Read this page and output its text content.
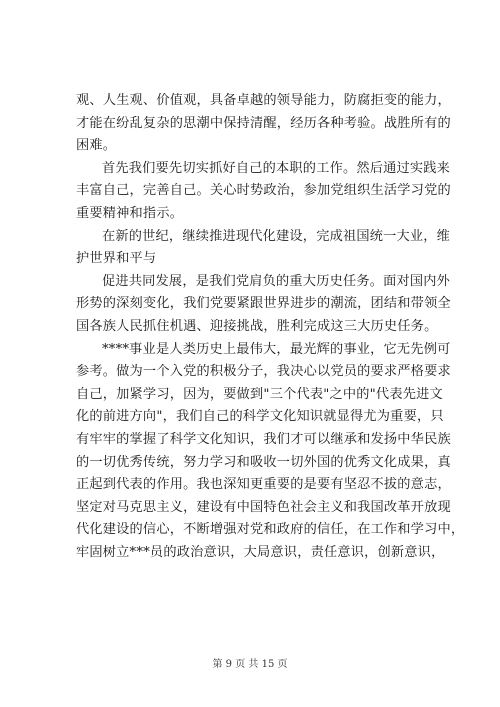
观、人生观、价值观，具备卓越的领导能力，防腐拒变的能力，
才能在纷乱复杂的思潮中保持清醒，经历各种考验。战胜所有的
困难。
首先我们要先切实抓好自己的本职的工作。然后通过实践来
丰富自己，完善自己。关心时势政治，参加党组织生活学习党的
重要精神和指示。
在新的世纪，继续推进现代化建设，完成祖国统一大业，维
护世界和平与
促进共同发展，是我们党肩负的重大历史任务。面对国内外
形势的深刻变化，我们党要紧跟世界进步的潮流，团结和带领全
国各族人民抓住机遇、迎接挑战，胜利完成这三大历史任务。
****事业是人类历史上最伟大，最光辉的事业，它无先例可
参考。做为一个入党的积极分子，我决心以党员的要求严格要求
自己，加紧学习，因为，要做到"三个代表"之中的"代表先进文
化的前进方向"，我们自己的科学文化知识就显得尤为重要，只
有牢牢的掌握了科学文化知识，我们才可以继承和发扬中华民族
的一切优秀传统，努力学习和吸收一切外国的优秀文化成果，真
正起到代表的作用。我也深知更重要的是要有坚忍不拔的意志，
坚定对马克思主义，建设有中国特色社会主义和我国改革开放现
代化建设的信心，不断增强对党和政府的信任，在工作和学习中，
牢固树立***员的政治意识，大局意识，责任意识，创新意识，
第 9 页 共 15 页
